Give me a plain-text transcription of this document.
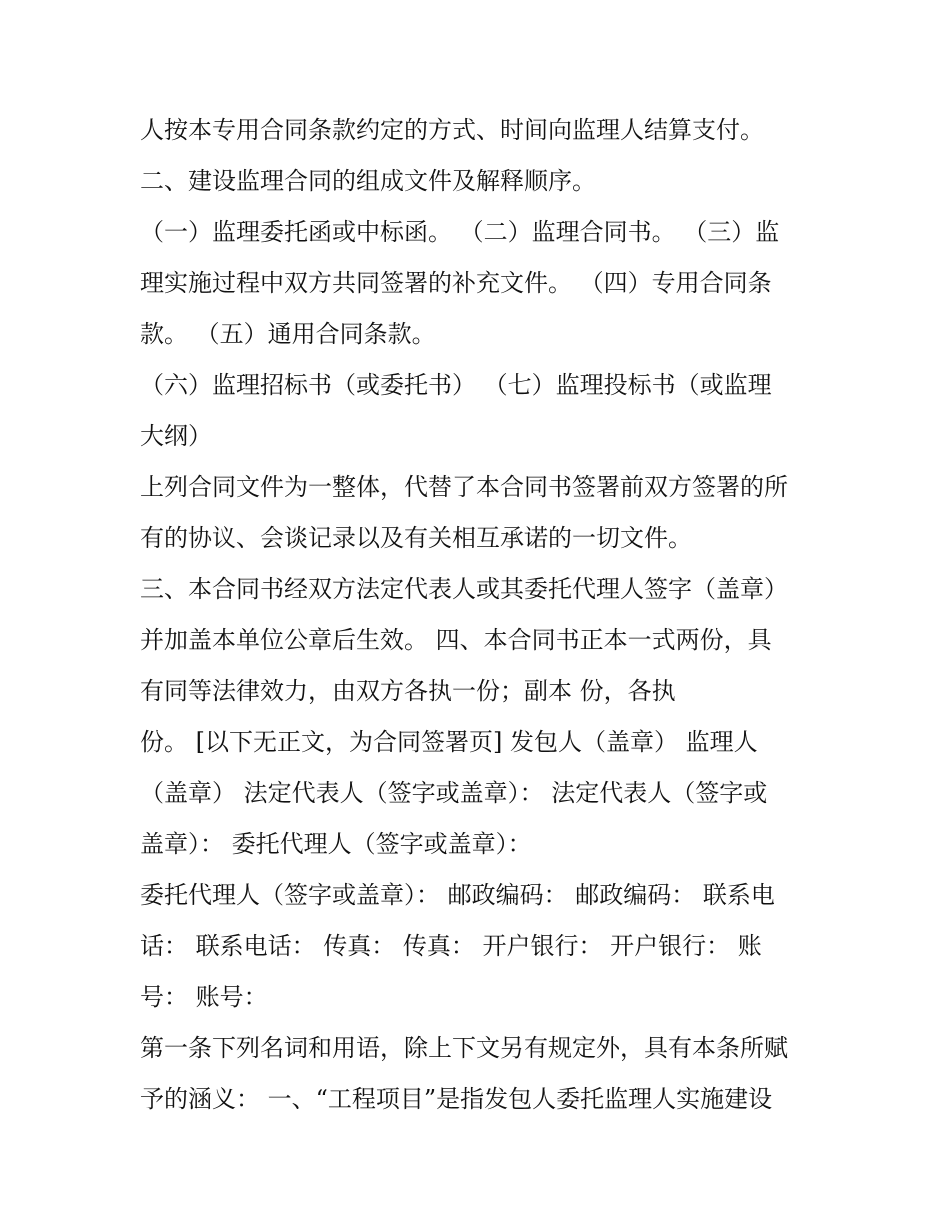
人按本专用合同条款约定的方式、时间向监理人结算支付。
二、建设监理合同的组成文件及解释顺序。
（一）监理委托函或中标函。 （二）监理合同书。 （三）监
理实施过程中双方共同签署的补充文件。 （四）专用合同条
款。 （五）通用合同条款。
（六）监理招标书（或委托书） （七）监理投标书（或监理
大纲）
上列合同文件为一整体，代替了本合同书签署前双方签署的所
有的协议、会谈记录以及有关相互承诺的一切文件。
三、本合同书经双方法定代表人或其委托代理人签字（盖章）
并加盖本单位公章后生效。 四、本合同书正本一式两份，具
有同等法律效力，由双方各执一份；副本 份，各执
份。 [以下无正文，为合同签署页] 发包人（盖章） 监理人
（盖章） 法定代表人（签字或盖章）： 法定代表人（签字或
盖章）： 委托代理人（签字或盖章）：
委托代理人（签字或盖章）： 邮政编码： 邮政编码： 联系电
话： 联系电话： 传真： 传真： 开户银行： 开户银行： 账
号： 账号：
第一条下列名词和用语，除上下文另有规定外，具有本条所赋
予的涵义： 一、“工程项目”是指发包人委托监理人实施建设
